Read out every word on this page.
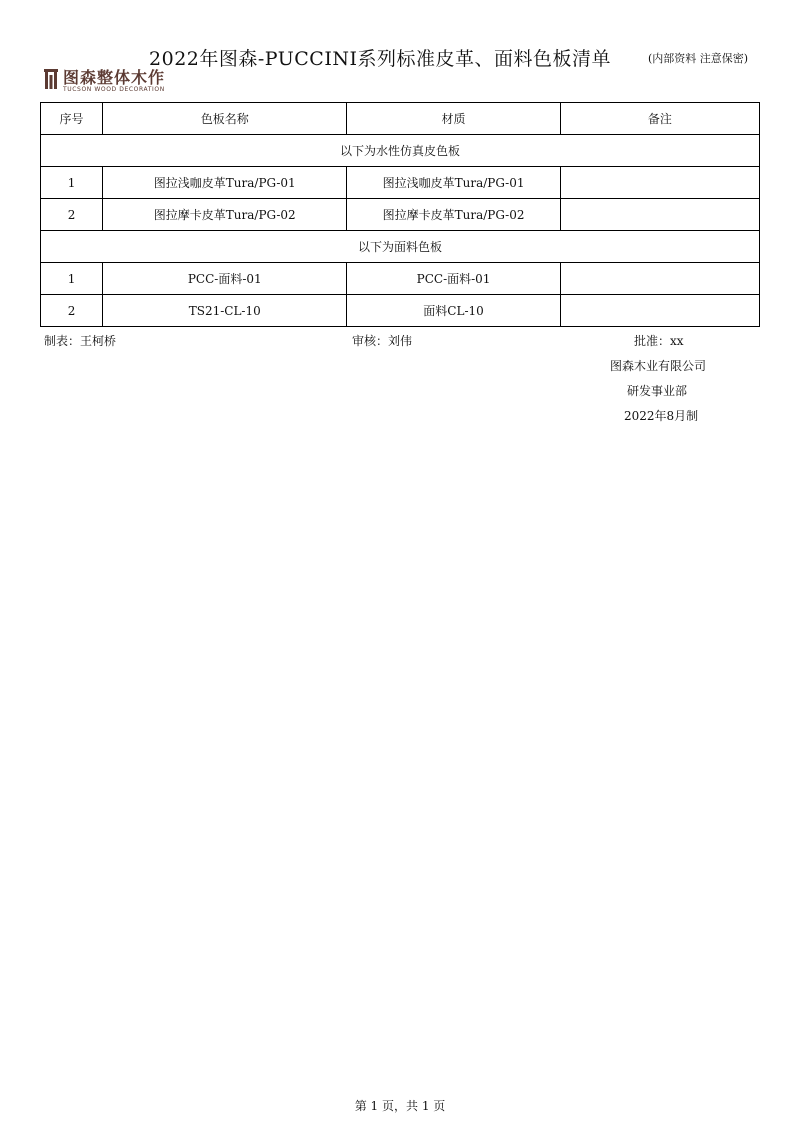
2022年图森-PUCCINI系列标准皮革、面料色板清单	(内部资料 注意保密)
图森整体木作
TUCSON WOOD DECORATION
序号	色板名称	材质	备注
以下为水性仿真皮色板			
1	图拉浅咖皮革Tura/PG-01	图拉浅咖皮革Tura/PG-01	
2	图拉摩卡皮革Tura/PG-02	图拉摩卡皮革Tura/PG-02	
以下为面料色板			
1	PCC-面料-01	PCC-面料-01	
2	TS21-CL-10	面料CL-10	
制表：王柯桥	审核：刘伟	批准：xx
图森木业有限公司
研发事业部
2022年8月制
第 1 页，共 1 页
